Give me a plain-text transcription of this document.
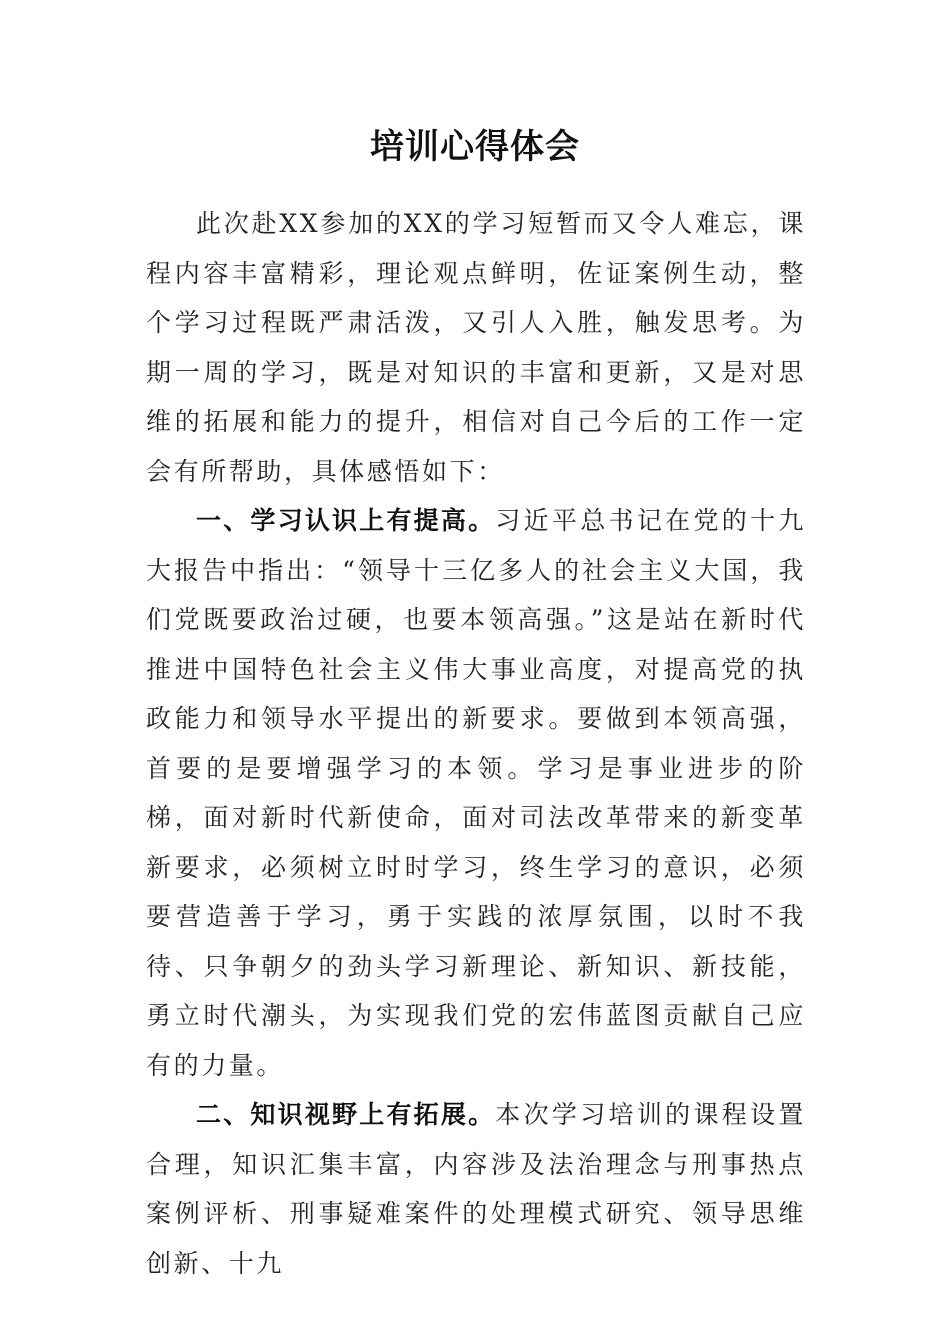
培训心得体会

此次赴XX参加的XX的学习短暂而又令人难忘，课程内容丰富精彩，理论观点鲜明，佐证案例生动，整个学习过程既严肃活泼，又引人入胜，触发思考。为期一周的学习，既是对知识的丰富和更新，又是对思维的拓展和能力的提升，相信对自己今后的工作一定会有所帮助，具体感悟如下：

一、学习认识上有提高。习近平总书记在党的十九大报告中指出：“领导十三亿多人的社会主义大国，我们党既要政治过硬，也要本领高强。”这是站在新时代推进中国特色社会主义伟大事业高度，对提高党的执政能力和领导水平提出的新要求。要做到本领高强，首要的是要增强学习的本领。学习是事业进步的阶梯，面对新时代新使命，面对司法改革带来的新变革新要求，必须树立时时学习，终生学习的意识，必须要营造善于学习，勇于实践的浓厚氛围，以时不我待、只争朝夕的劲头学习新理论、新知识、新技能，勇立时代潮头，为实现我们党的宏伟蓝图贡献自己应有的力量。

二、知识视野上有拓展。本次学习培训的课程设置合理，知识汇集丰富，内容涉及法治理念与刑事热点案例评析、刑事疑难案件的处理模式研究、领导思维创新、十九
